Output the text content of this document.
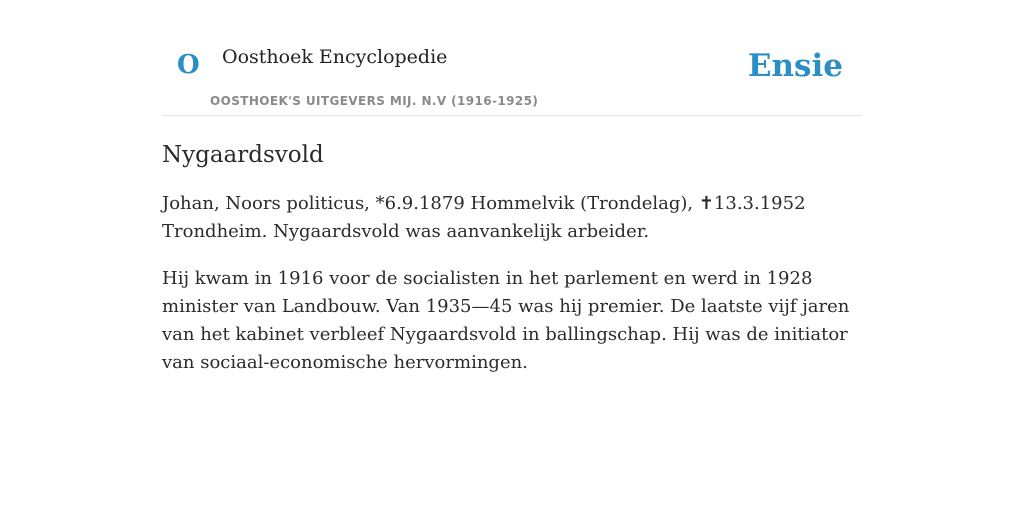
O Oosthoek Encyclopedie
OOSTHOEK'S UITGEVERS MIJ. N.V (1916-1925)
Ensie
Nygaardsvold

Johan, Noors politicus, *6.9.1879 Hommelvik (Trondelag), ✝13.3.1952 Trondheim. Nygaardsvold was aanvankelijk arbeider.

Hij kwam in 1916 voor de socialisten in het parlement en werd in 1928 minister van Landbouw. Van 1935—45 was hij premier. De laatste vijf jaren van het kabinet verbleef Nygaardsvold in ballingschap. Hij was de initiator van sociaal-economische hervormingen.
